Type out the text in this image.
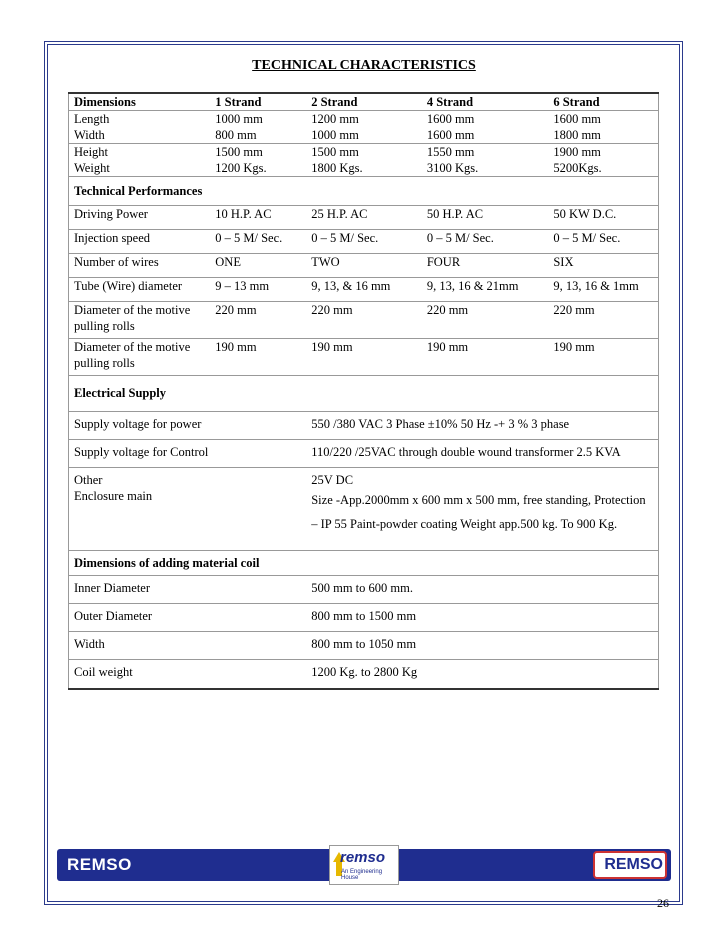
TECHNICAL CHARACTERISTICS
Dimensions	1 Strand	2 Strand	4 Strand	6 Strand
Length	1000 mm	1200 mm	1600 mm	1600 mm
Width	800 mm	1000 mm	1600 mm	1800 mm
Height	1500 mm	1500 mm	1550 mm	1900 mm
Weight	1200 Kgs.	1800 Kgs.	3100 Kgs.	5200Kgs.
Technical Performances				
Driving Power	10 H.P. AC	25 H.P. AC	50 H.P. AC	50 KW D.C.
Injection speed	0 – 5 M/ Sec.	0 – 5 M/ Sec.	0 – 5 M/ Sec.	0 – 5 M/ Sec.
Number of wires	ONE	TWO	FOUR	SIX
Tube (Wire) diameter	9 – 13 mm	9, 13, & 16 mm	9, 13, 16 & 21mm	9, 13, 16 & 1mm
Diameter of the motive pulling rolls	220 mm	220 mm	220 mm	220 mm
Diameter of the motive pulling rolls	190 mm	190 mm	190 mm	190 mm
Electrical Supply				
Supply voltage for power		550 /380 VAC 3 Phase ±10% 50 Hz -+ 3 % 3 phase		
Supply voltage for Control		110/220 /25VAC through double wound transformer 2.5 KVA		
Other		25V DC		
Enclosure main		Size -App.2000mm x 600 mm x 500 mm, free standing, Protection – IP 55 Paint-powder coating Weight app.500 kg. To 900 Kg.		
Dimensions of adding material coil				
Inner Diameter		500 mm to 600 mm.		
Outer Diameter		800 mm to 1500 mm		
Width		800 mm to 1050 mm		
Coil weight		1200 Kg. to 2800 Kg		
REMSO	remso
An Engineering House
REMSO
26
